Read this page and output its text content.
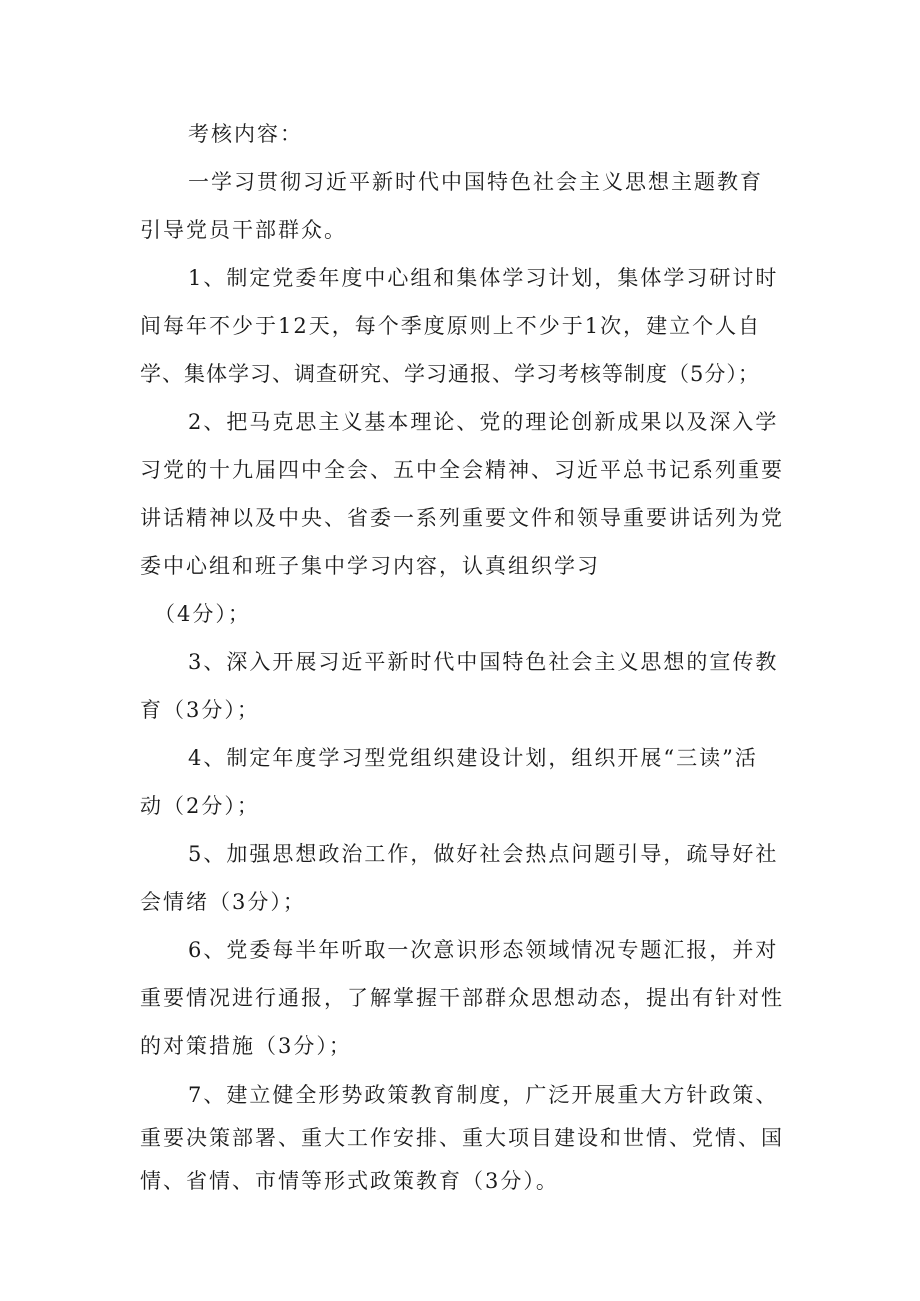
考核内容：
一学习贯彻习近平新时代中国特色社会主义思想主题教育
引导党员干部群众。
1、制定党委年度中心组和集体学习计划，集体学习研讨时
间每年不少于12天，每个季度原则上不少于1次，建立个人自
学、集体学习、调查研究、学习通报、学习考核等制度（5分）；
2、把马克思主义基本理论、党的理论创新成果以及深入学
习党的十九届四中全会、五中全会精神、习近平总书记系列重要
讲话精神以及中央、省委一系列重要文件和领导重要讲话列为党
委中心组和班子集中学习内容，认真组织学习
（4分）；
3、深入开展习近平新时代中国特色社会主义思想的宣传教
育（3分）；
4、制定年度学习型党组织建设计划，组织开展“三读”活
动（2分）；
5、加强思想政治工作，做好社会热点问题引导，疏导好社
会情绪（3分）；
6、党委每半年听取一次意识形态领域情况专题汇报，并对
重要情况进行通报，了解掌握干部群众思想动态，提出有针对性
的对策措施（3分）；
7、建立健全形势政策教育制度，广泛开展重大方针政策、
重要决策部署、重大工作安排、重大项目建设和世情、党情、国
情、省情、市情等形式政策教育（3分）。
